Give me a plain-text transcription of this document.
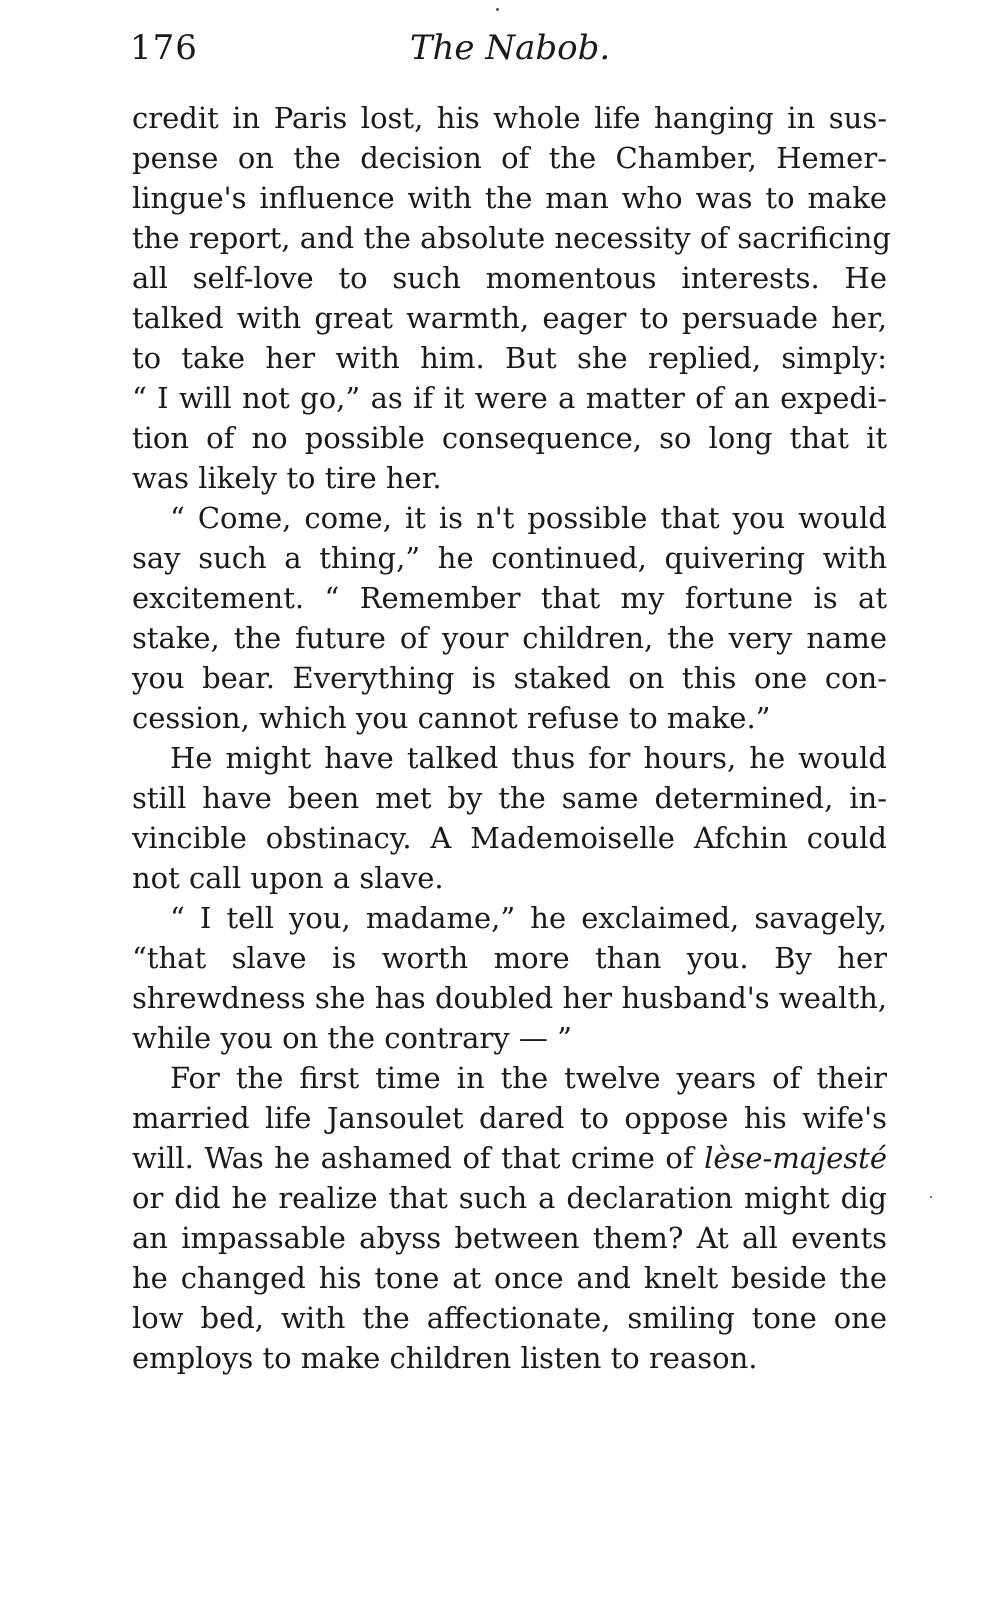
176	The Nabob.
credit in Paris lost, his whole life hanging in sus-
pense on the decision of the Chamber, Hemer-
lingue's influence with the man who was to make
the report, and the absolute necessity of sacrificing
all self-love to such momentous interests. He
talked with great warmth, eager to persuade her,
to take her with him. But she replied, simply:
“ I will not go,” as if it were a matter of an expedi-
tion of no possible consequence, so long that it
was likely to tire her.
“ Come, come, it is n't possible that you would
say such a thing,” he continued, quivering with
excitement. “ Remember that my fortune is at
stake, the future of your children, the very name
you bear. Everything is staked on this one con-
cession, which you cannot refuse to make.”
He might have talked thus for hours, he would
still have been met by the same determined, in-
vincible obstinacy. A Mademoiselle Afchin could
not call upon a slave.
“ I tell you, madame,” he exclaimed, savagely,
“that slave is worth more than you. By her
shrewdness she has doubled her husband's wealth,
while you on the contrary — ”
For the first time in the twelve years of their
married life Jansoulet dared to oppose his wife's
will. Was he ashamed of that crime of lèse-majesté
or did he realize that such a declaration might dig
an impassable abyss between them? At all events
he changed his tone at once and knelt beside the
low bed, with the affectionate, smiling tone one
employs to make children listen to reason.
